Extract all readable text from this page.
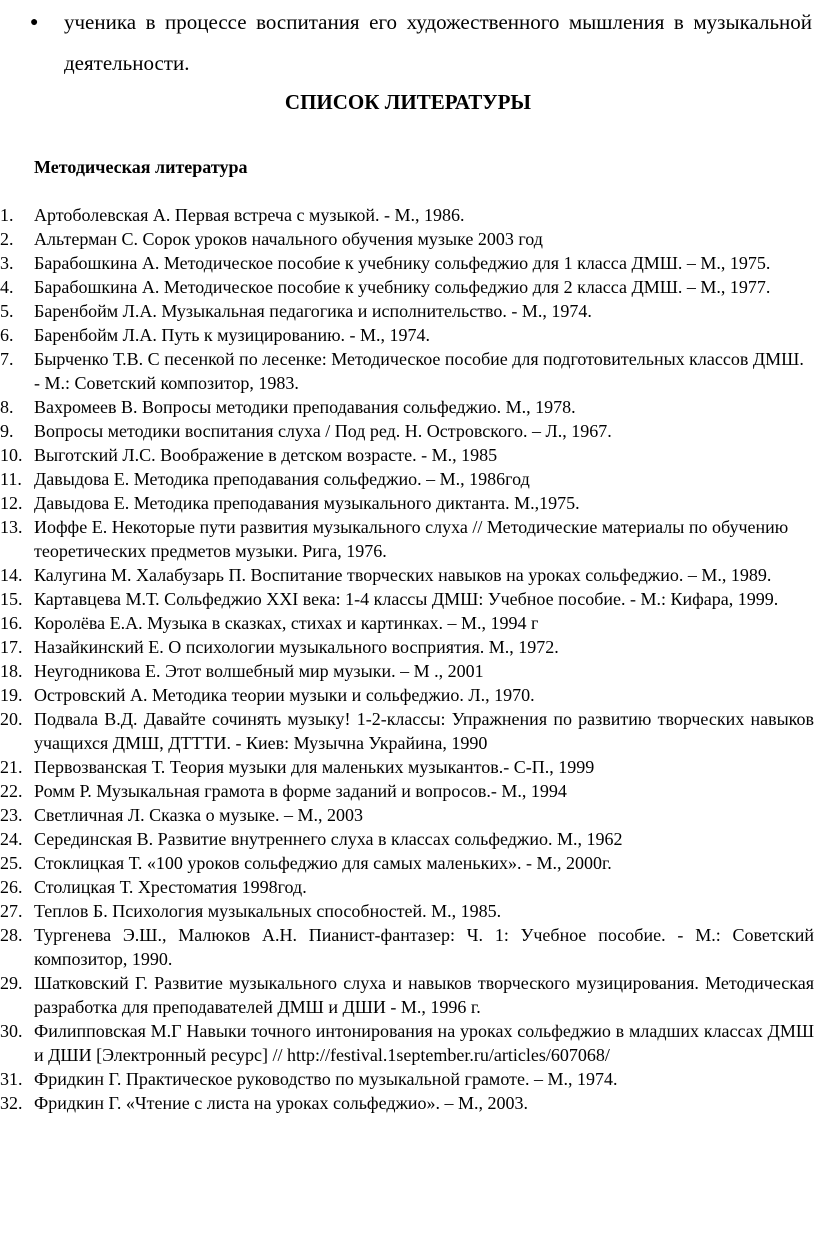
●	ученика в процессе воспитания его художественного мышления в музыкальной деятельности.
СПИСОК ЛИТЕРАТУРЫ
Методическая литература
1.	Артоболевская А. Первая встреча с музыкой. - М., 1986.
2.	Альтерман С. Сорок уроков начального обучения музыке 2003 год
3.	Барабошкина А. Методическое пособие к учебнику сольфеджио для 1 класса ДМШ. – М., 1975.
4.	Барабошкина А. Методическое пособие к учебнику сольфеджио для 2 класса ДМШ. – М., 1977.
5.	Баренбойм Л.А. Музыкальная педагогика и исполнительство. - М., 1974.
6.	Баренбойм Л.А. Путь к музицированию. - М., 1974.
7.	Бырченко Т.В. С песенкой по лесенке: Методическое пособие для подготовительных классов ДМШ. - М.: Советский композитор, 1983.
8.	Вахромеев В. Вопросы методики преподавания сольфеджио. М., 1978.
9.	Вопросы методики воспитания слуха / Под ред. Н. Островского. – Л., 1967.
10. Выготский Л.С. Воображение в детском возрасте. - М., 1985
11. Давыдова Е. Методика преподавания сольфеджио. – М., 1986год
12. Давыдова Е. Методика преподавания музыкального диктанта. М.,1975.
13. Иоффе Е. Некоторые пути развития музыкального слуха // Методические материалы по обучению теоретических предметов музыки. Рига, 1976.
14. Калугина М. Халабузарь П. Воспитание творческих навыков на уроках сольфеджио. – М., 1989.
15. Картавцева М.Т. Сольфеджио XXI века: 1-4 классы ДМШ: Учебное пособие. - М.: Кифара, 1999.
16. Королёва Е.А. Музыка в сказках, стихах и картинках. – М., 1994 г
17. Назайкинский Е. О психологии музыкального восприятия. М., 1972.
18. Неугодникова Е. Этот волшебный мир музыки. – М ., 2001
19. Островский А. Методика теории музыки и сольфеджио. Л., 1970.
20. Подвала В.Д. Давайте сочинять музыку! 1-2-классы: Упражнения по развитию творческих навыков учащихся ДМШ, ДТТТИ. - Киев: Музычна Украйина, 1990
21. Первозванская Т. Теория музыки для маленьких музыкантов.- С-П., 1999
22. Ромм Р. Музыкальная грамота в форме заданий и вопросов.- М., 1994
23. Светличная Л. Сказка о музыке. – М., 2003
24. Серединская В. Развитие внутреннего слуха в классах сольфеджио. М., 1962
25. Стоклицкая Т. «100 уроков сольфеджио для самых маленьких». - М., 2000г.
26. Столицкая Т. Хрестоматия 1998год.
27. Теплов Б. Психология музыкальных способностей. М., 1985.
28. Тургенева Э.Ш., Малюков А.Н. Пианист-фантазер: Ч. 1: Учебное пособие. - М.: Советский композитор, 1990.
29. Шатковский Г. Развитие музыкального слуха и навыков творческого музицирования. Методическая разработка для преподавателей ДМШ и ДШИ - М., 1996 г.
30. Филипповская М.Г Навыки точного интонирования на уроках сольфеджио в младших классах ДМШ и ДШИ [Электронный ресурс] // http://festival.1september.ru/articles/607068/
31. Фридкин Г. Практическое руководство по музыкальной грамоте. – М., 1974.
32. Фридкин Г. «Чтение с листа на уроках сольфеджио». – М., 2003.
